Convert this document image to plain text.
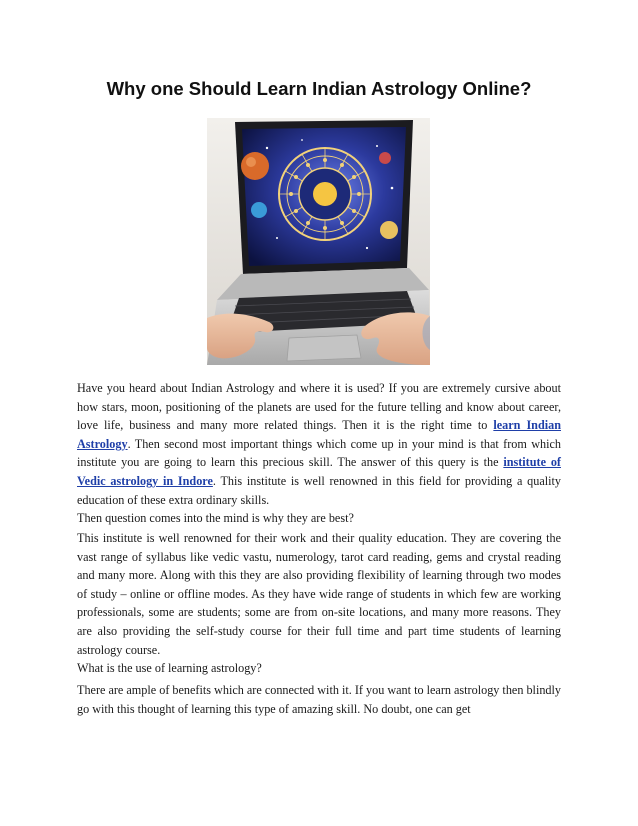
Why one Should Learn Indian Astrology Online?

Have you heard about Indian Astrology and where it is used? If you are extremely cursive about how stars, moon, positioning of the planets are used for the future telling and know about career, love life, business and many more related things. Then it is the right time to learn Indian Astrology. Then second most important things which come up in your mind is that from which institute you are going to learn this precious skill. The answer of this query is the institute of Vedic astrology in Indore. This institute is well renowned in this field for providing a quality education of these extra ordinary skills.

Then question comes into the mind is why they are best?

This institute is well renowned for their work and their quality education. They are covering the vast range of syllabus like vedic vastu, numerology, tarot card reading, gems and crystal reading and many more. Along with this they are also providing flexibility of learning through two modes of study – online or offline modes. As they have wide range of students in which few are working professionals, some are students; some are from on-site locations, and many more reasons. They are also providing the self-study course for their full time and part time students of learning astrology course.

What is the use of learning astrology?

There are ample of benefits which are connected with it. If you want to learn astrology then blindly go with this thought of learning this type of amazing skill. No doubt, one can get
